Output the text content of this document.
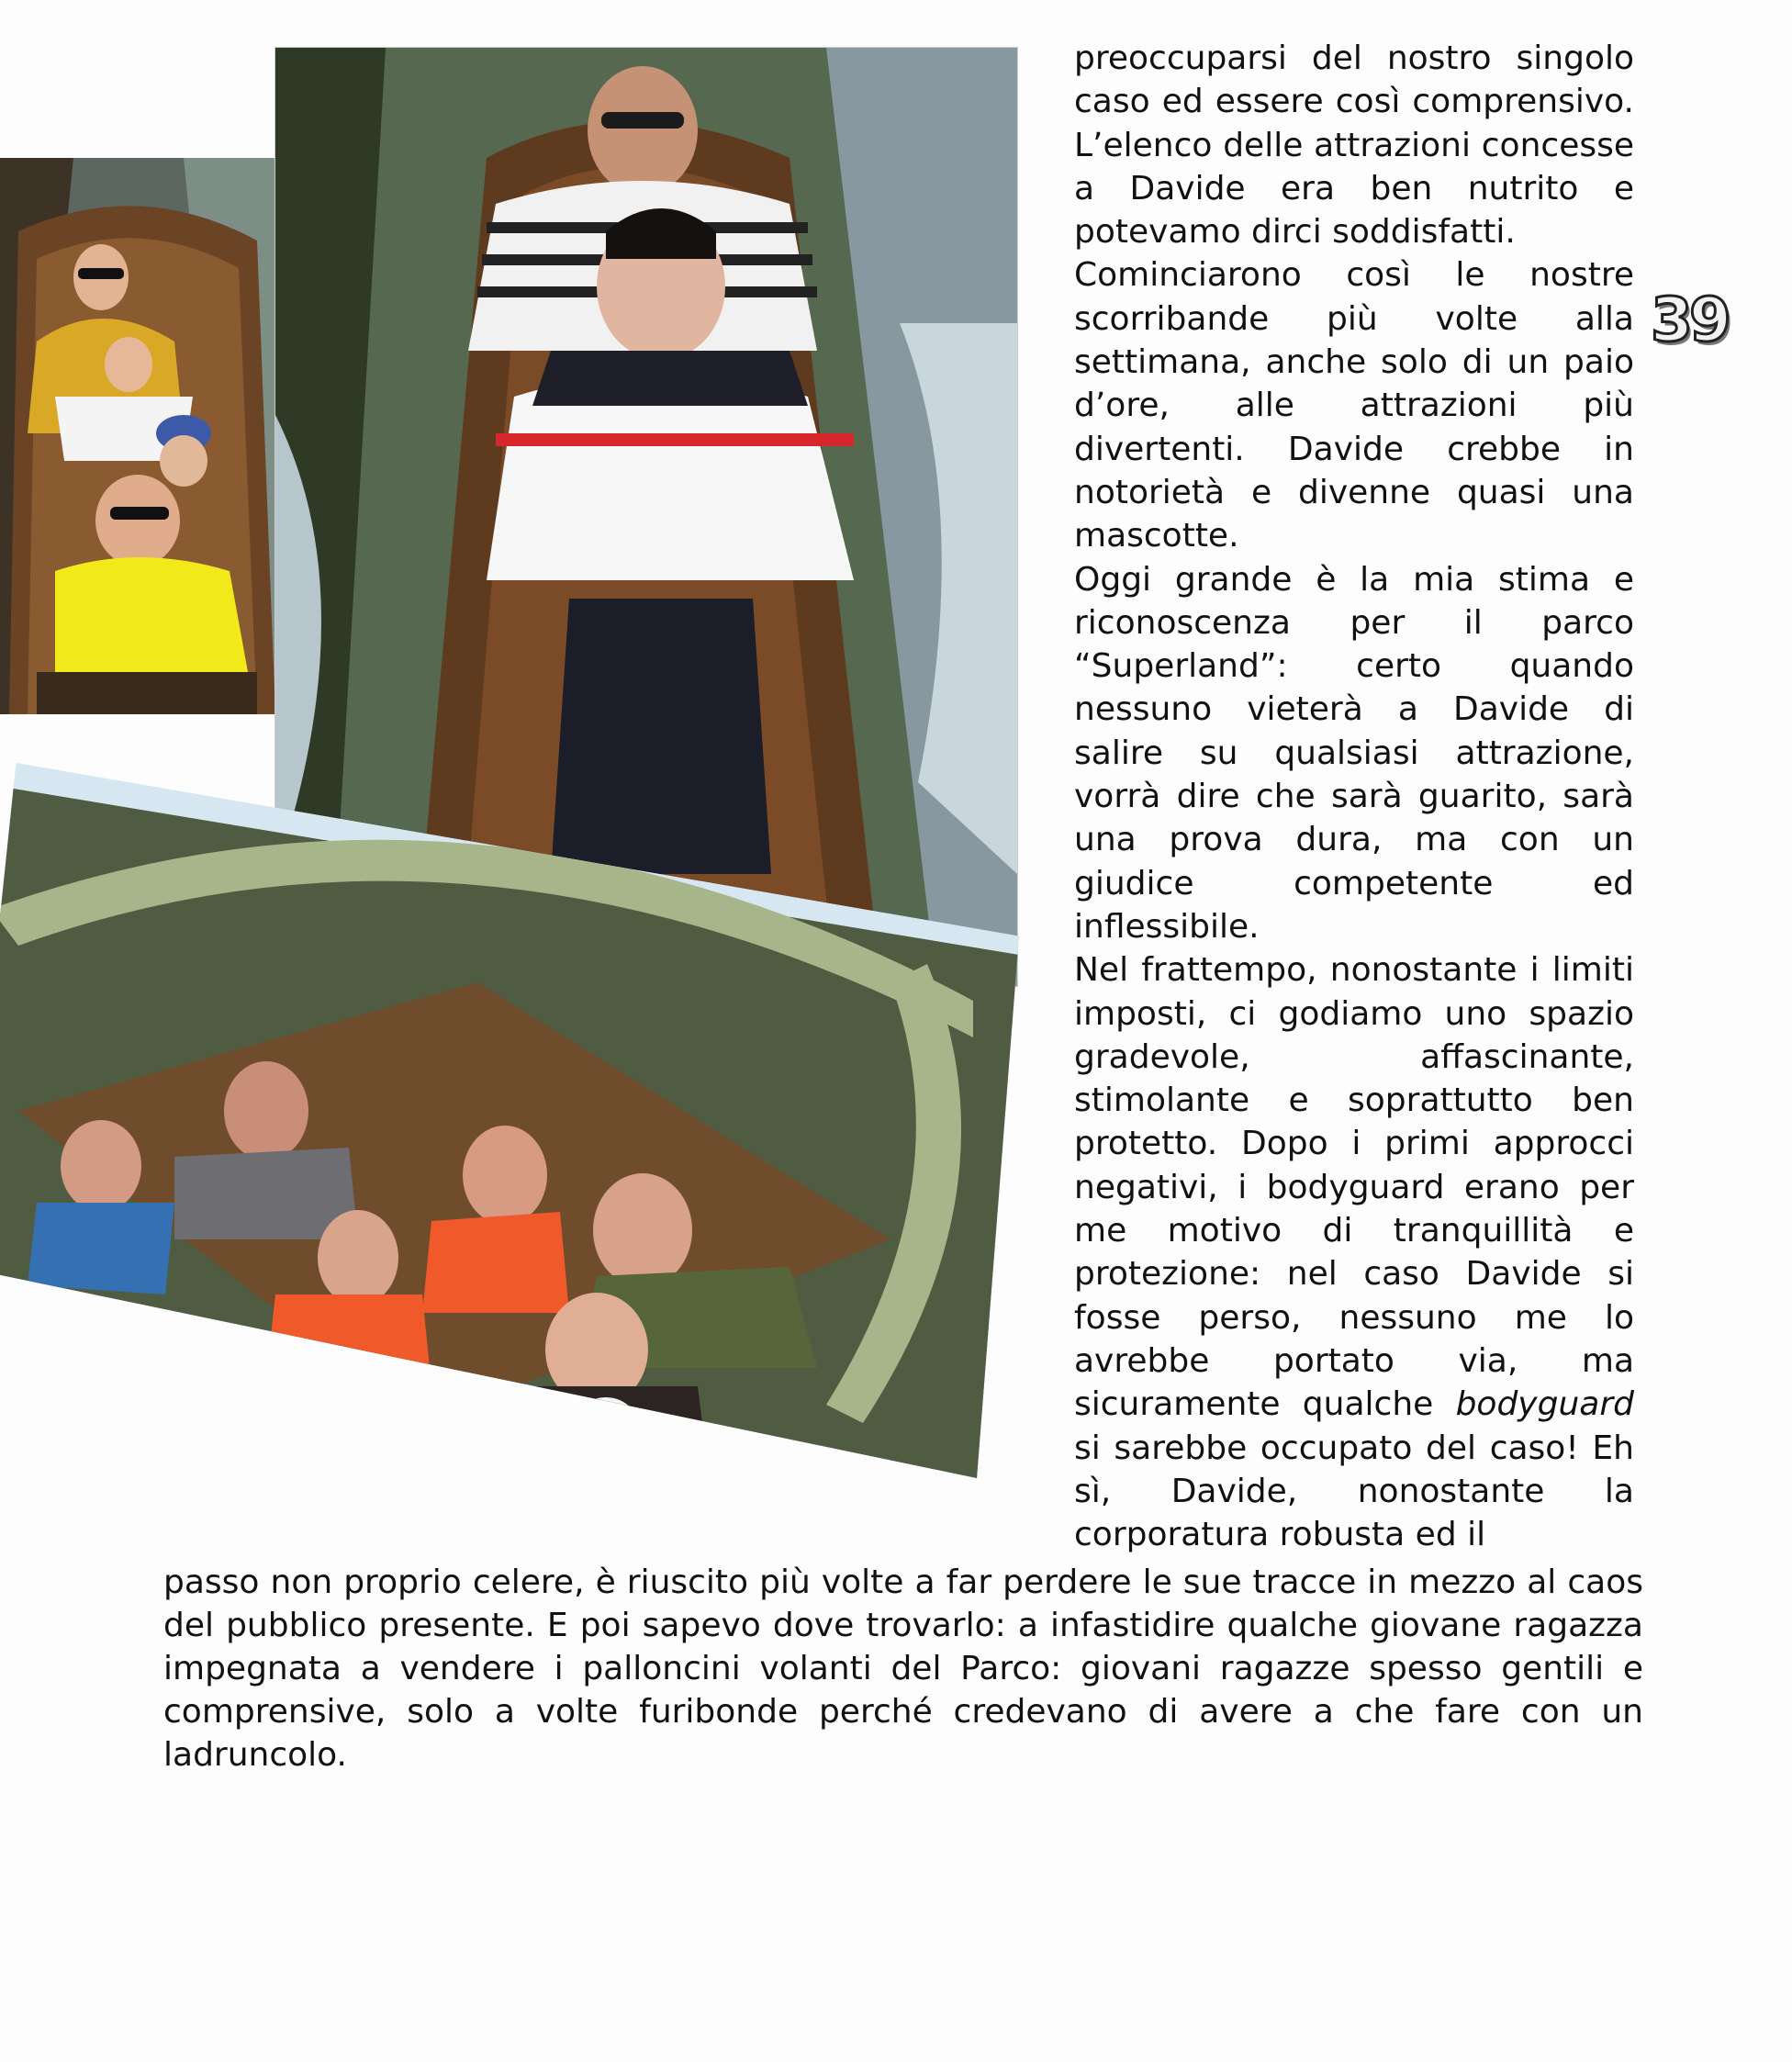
39

preoccuparsi del nostro singolo caso ed essere così comprensivo. L’elenco delle attrazioni concesse a Davide era ben nutrito e potevamo dirci soddisfatti.

Cominciarono così le nostre scorribande più volte alla settimana, anche solo di un paio d’ore, alle attrazioni più divertenti. Davide crebbe in notorietà e divenne quasi una mascotte.

Oggi grande è la mia stima e riconoscenza per il parco “Superland”: certo quando nessuno vieterà a Davide di salire su qualsiasi attrazione, vorrà dire che sarà guarito, sarà una prova dura, ma con un giudice competente ed inflessibile.

Nel frattempo, nonostante i limiti imposti, ci godiamo uno spazio gradevole, affascinante, stimolante e soprattutto ben protetto. Dopo i primi approcci negativi, i bodyguard erano per me motivo di tranquillità e protezione: nel caso Davide si fosse perso, nessuno me lo avrebbe portato via, ma sicuramente qualche bodyguard si sarebbe occupato del caso! Eh sì, Davide, nonostante la corporatura robusta ed il

passo non proprio celere, è riuscito più volte a far perdere le sue tracce in mezzo al caos del pubblico presente. E poi sapevo dove trovarlo: a infastidire qualche giovane ragazza impegnata a vendere i palloncini volanti del Parco: giovani ragazze spesso gentili e comprensive, solo a volte furibonde perché credevano di avere a che fare con un ladruncolo.
